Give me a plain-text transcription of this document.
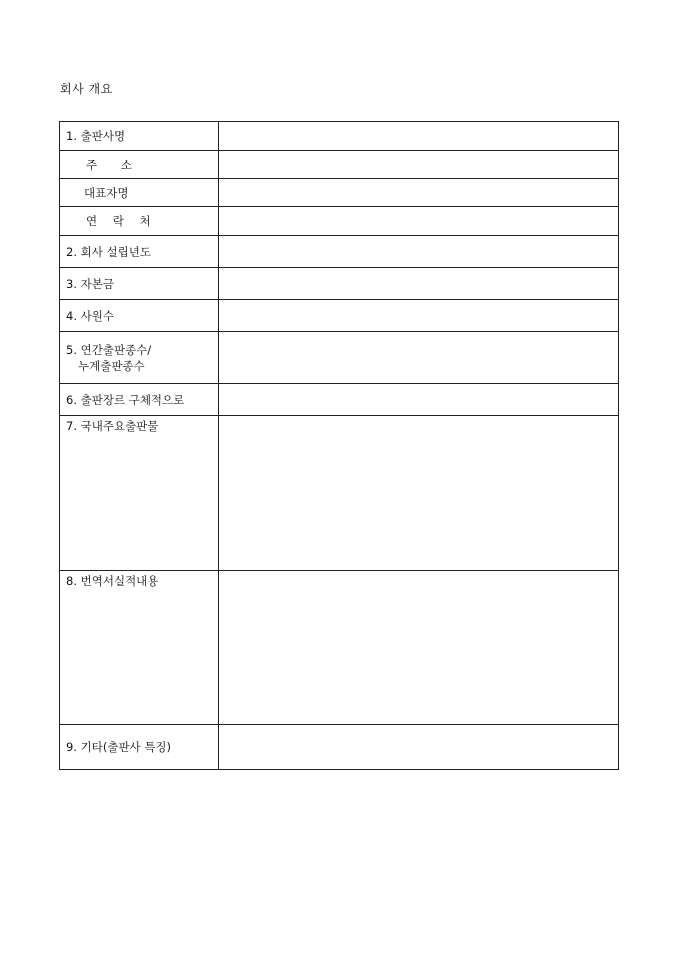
회사 개요
1. 출판사명	
주 소	
대표자명	
연 락 처	
2. 회사 설립년도	
3. 자본금	
4. 사원수	

5. 연간출판종수/
누계출판종수	

6. 출판장르 구체적으로	
7. 국내주요출판물	
8. 번역서실적내용	
9. 기타(출판사 특징)	
